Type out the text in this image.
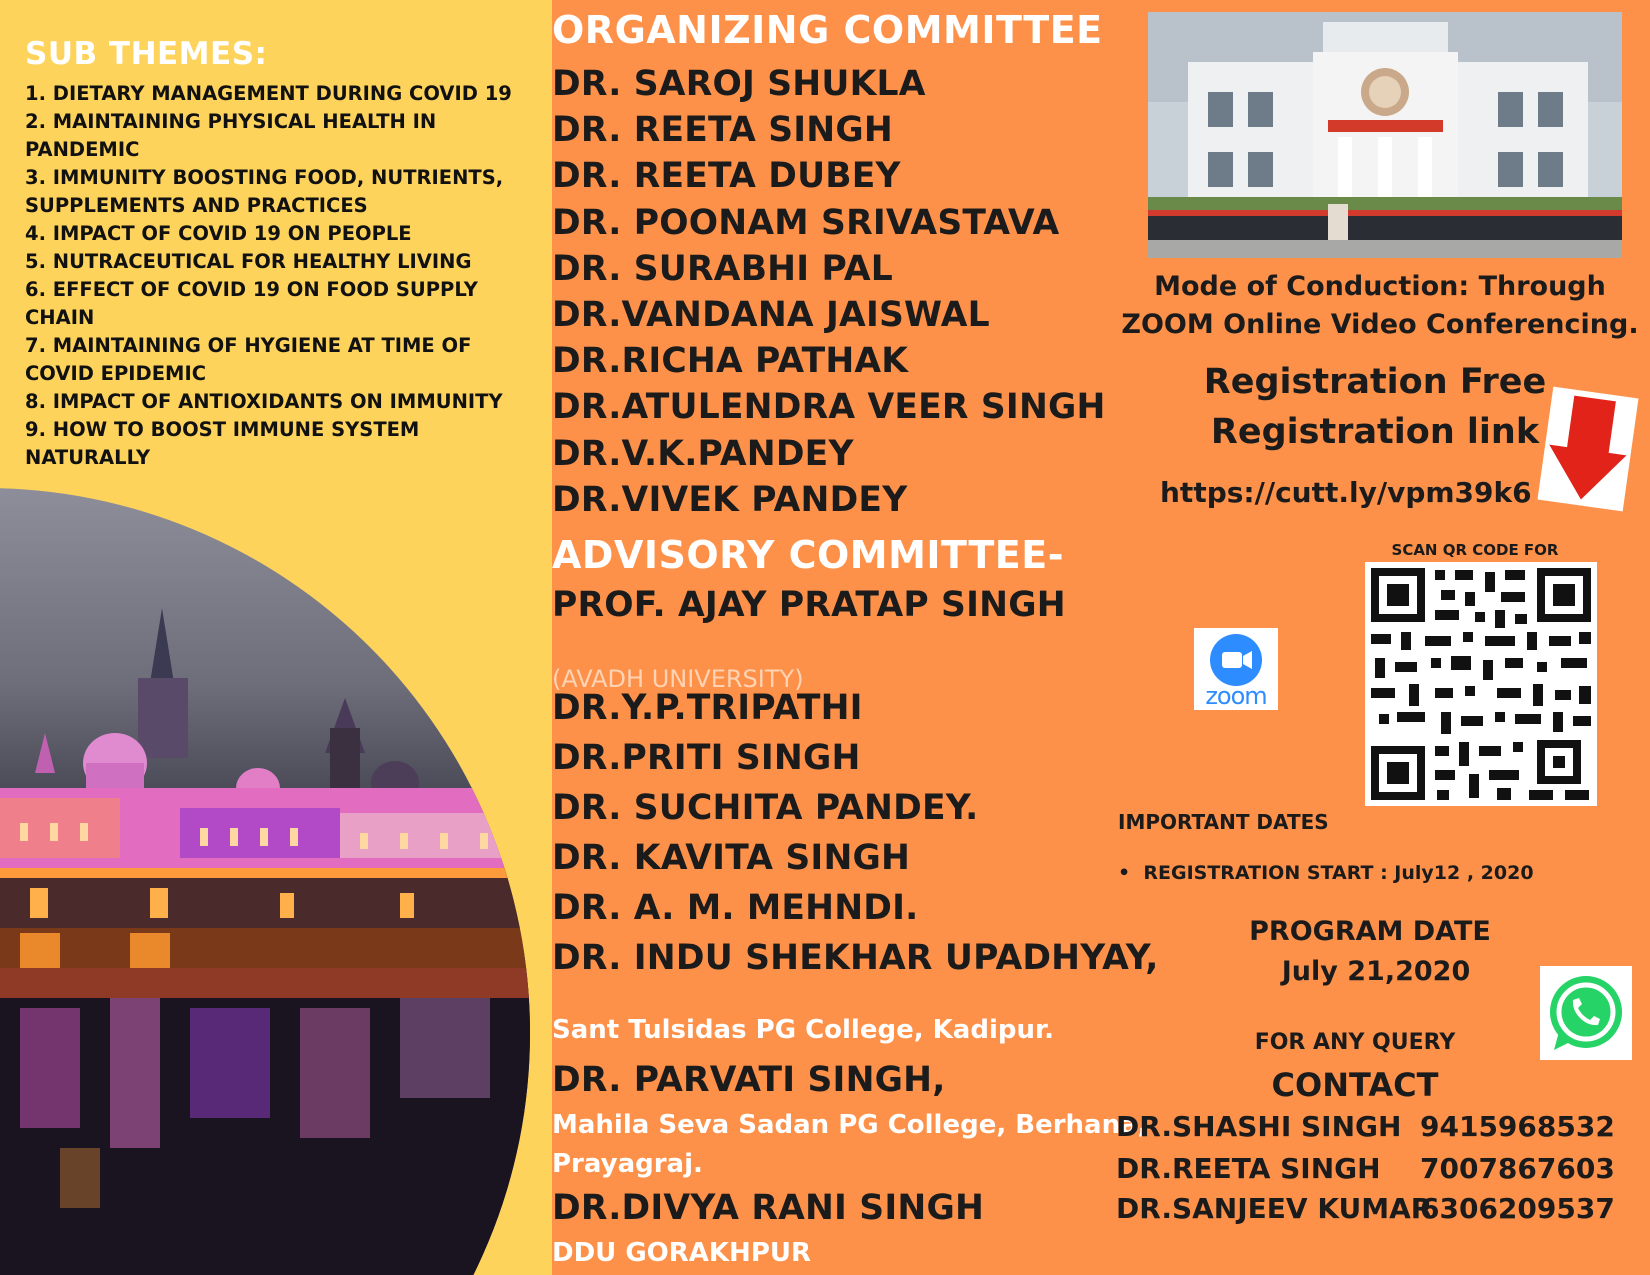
SUB THEMES:
1. DIETARY MANAGEMENT DURING COVID 19
2. MAINTAINING PHYSICAL HEALTH IN PANDEMIC
3. IMMUNITY BOOSTING FOOD, NUTRIENTS, SUPPLEMENTS AND PRACTICES
4. IMPACT OF COVID 19 ON PEOPLE
5. NUTRACEUTICAL FOR HEALTHY LIVING
6. EFFECT OF COVID 19 ON FOOD SUPPLY CHAIN
7. MAINTAINING OF HYGIENE AT TIME OF COVID EPIDEMIC
8. IMPACT OF ANTIOXIDANTS ON IMMUNITY
9. HOW TO BOOST IMMUNE SYSTEM NATURALLY
ORGANIZING COMMITTEE
DR. SAROJ SHUKLA
DR. REETA SINGH
DR. REETA DUBEY
DR. POONAM SRIVASTAVA
DR. SURABHI PAL
DR.VANDANA JAISWAL
DR.RICHA PATHAK
DR.ATULENDRA VEER SINGH
DR.V.K.PANDEY
DR.VIVEK PANDEY
ADVISORY COMMITTEE-
PROF. AJAY PRATAP SINGH
(AVADH UNIVERSITY)
DR.Y.P.TRIPATHI
DR.PRITI SINGH
DR. SUCHITA PANDEY.
DR. KAVITA SINGH
DR. A. M. MEHNDI.
DR. INDU SHEKHAR UPADHYAY,
Sant Tulsidas PG College, Kadipur.
DR. PARVATI SINGH,
Mahila Seva Sadan PG College, Berhana,
Prayagraj.
DR.DIVYA RANI SINGH
DDU GORAKHPUR
Mode of Conduction: Through
ZOOM Online Video Conferencing.
Registration Free
Registration link
https://cutt.ly/vpm39k6
SCAN QR CODE FOR
zoom
IMPORTANT DATES
•  REGISTRATION START : July12 , 2020
PROGRAM DATE
July 21,2020
FOR ANY QUERY
CONTACT
DR.SHASHI SINGH 9415968532
DR.REETA SINGH 7007867603
DR.SANJEEV KUMAR6306209537
